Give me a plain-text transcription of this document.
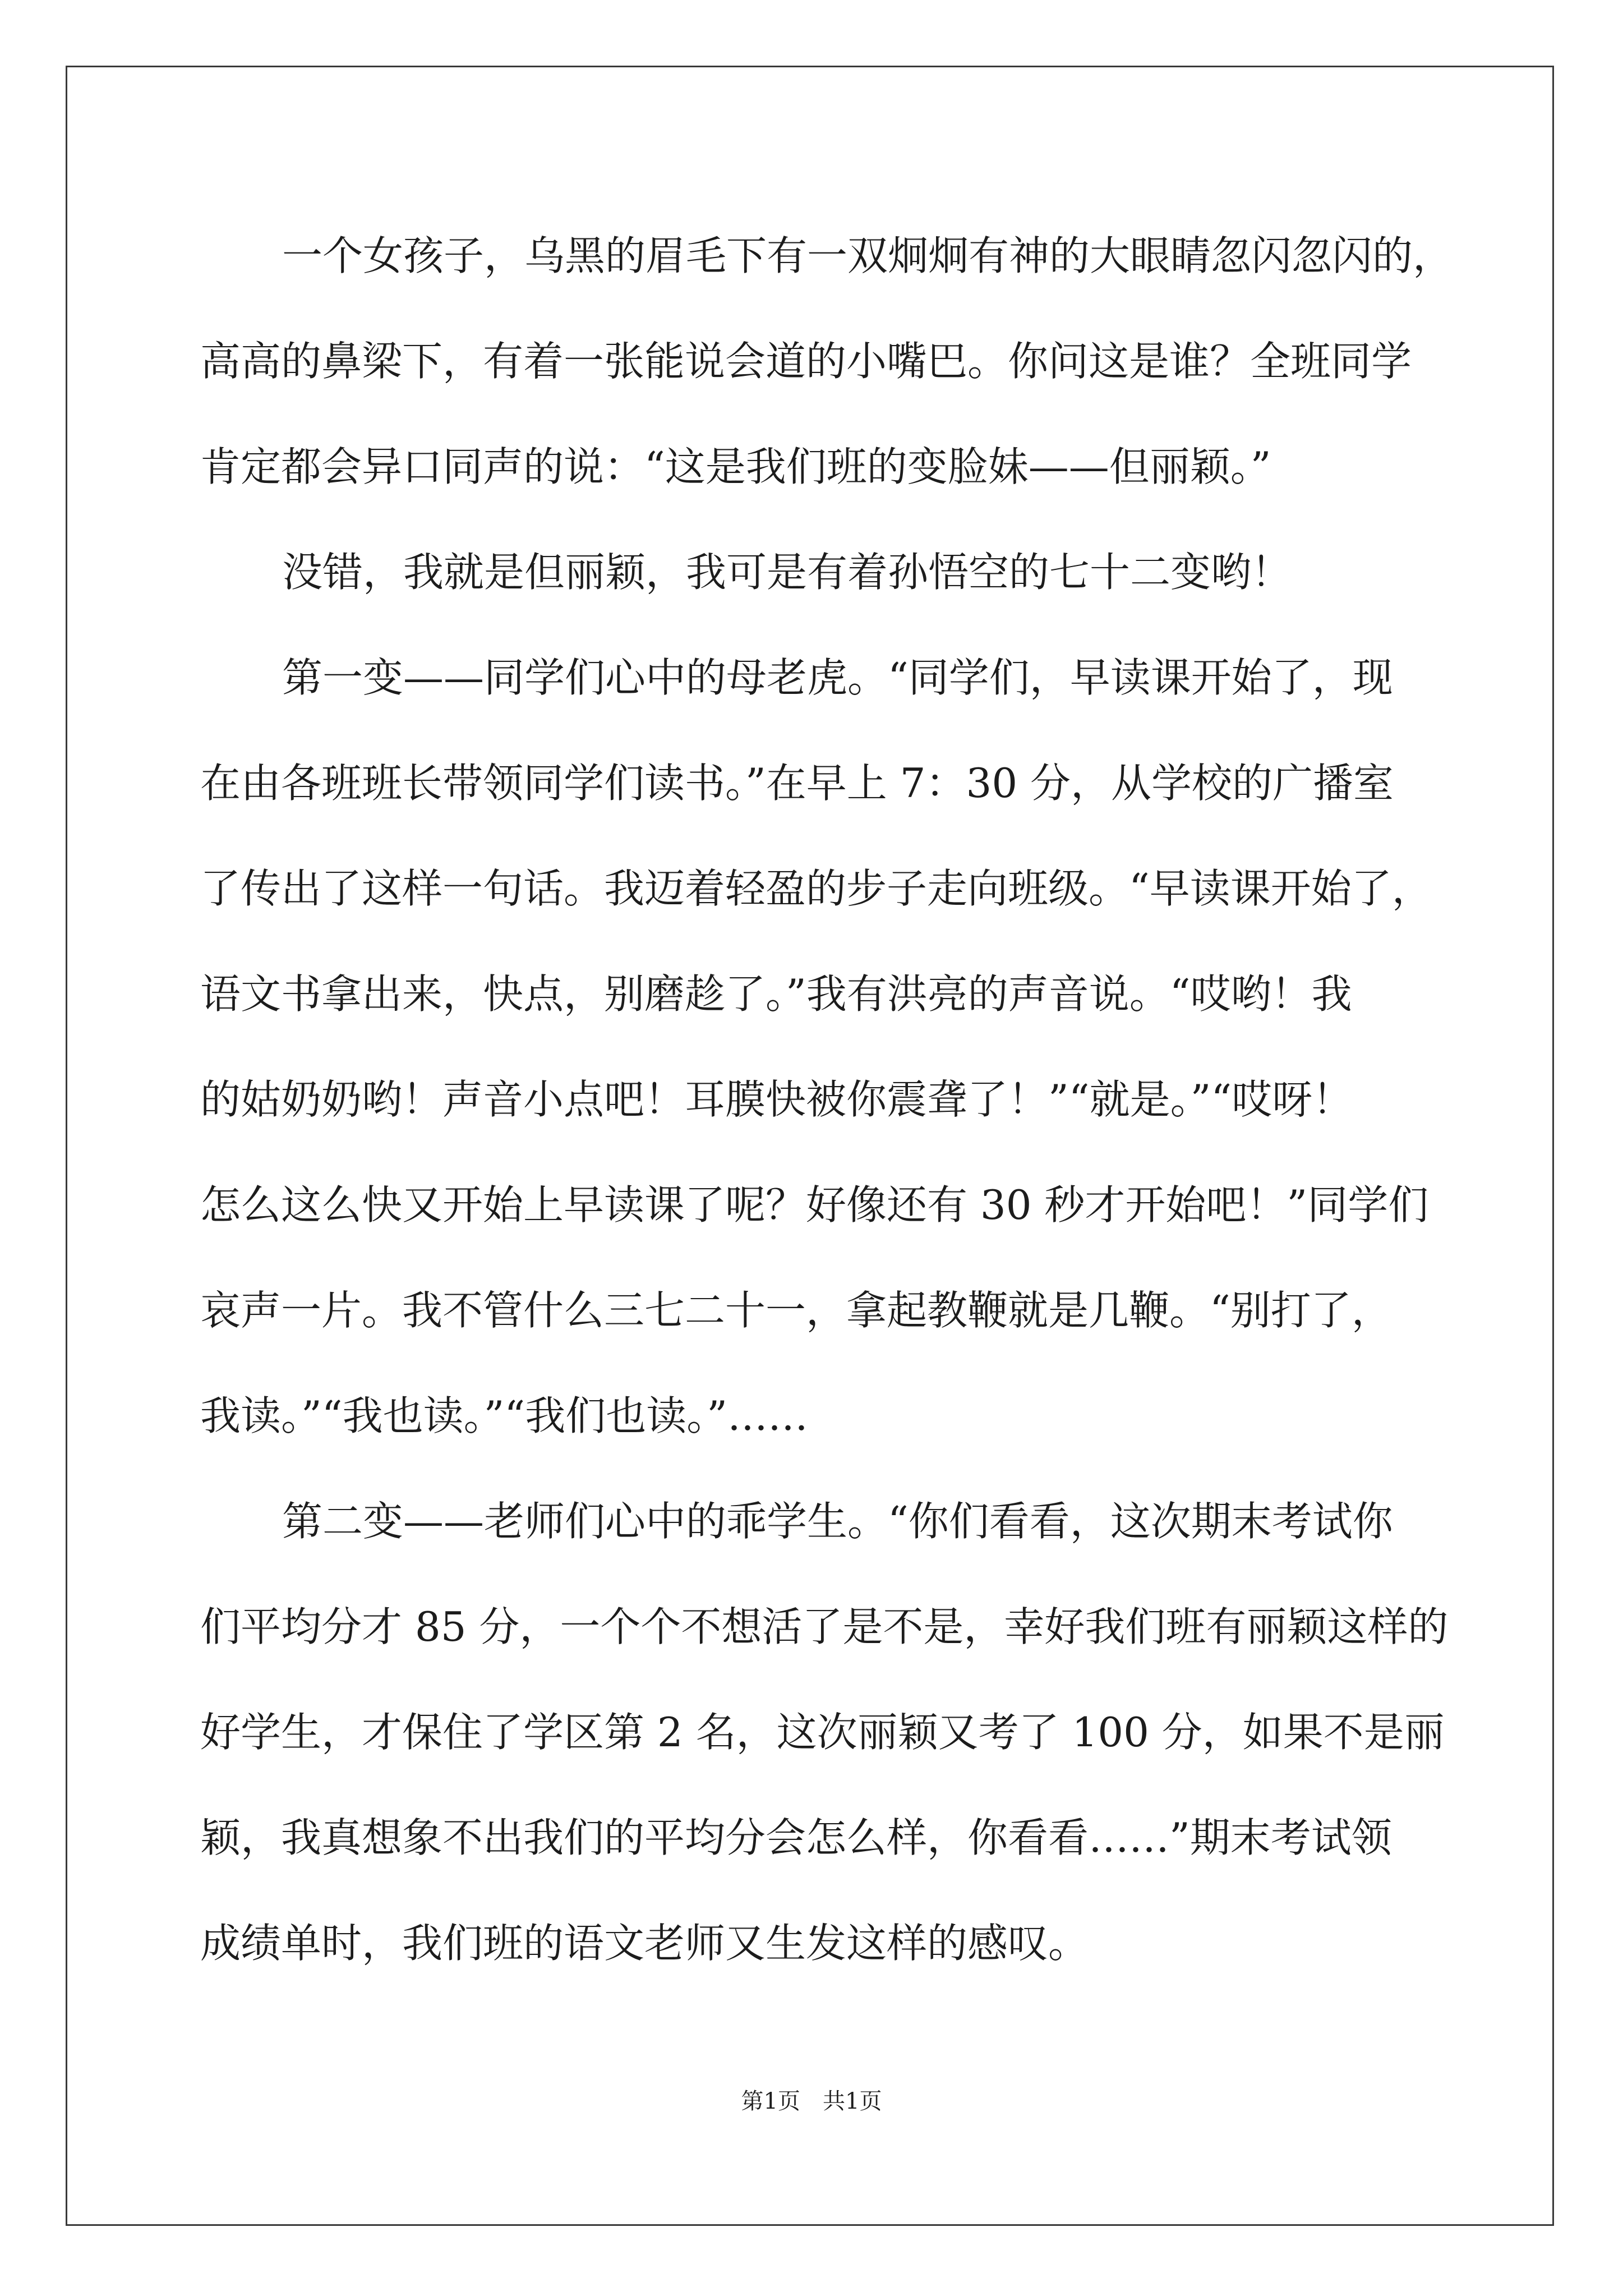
一个女孩子，乌黑的眉毛下有一双炯炯有神的大眼睛忽闪忽闪的，
高高的鼻梁下，有着一张能说会道的小嘴巴。你问这是谁？全班同学
肯定都会异口同声的说：“这是我们班的变脸妹——但丽颖。”
没错，我就是但丽颖，我可是有着孙悟空的七十二变哟！
第一变——同学们心中的母老虎。“同学们，早读课开始了，现
在由各班班长带领同学们读书。”在早上 7：30 分，从学校的广播室
了传出了这样一句话。我迈着轻盈的步子走向班级。“早读课开始了，
语文书拿出来，快点，别磨趁了。”我有洪亮的声音说。“哎哟！我
的姑奶奶哟！声音小点吧！耳膜快被你震聋了！”“就是。”“哎呀！
怎么这么快又开始上早读课了呢？好像还有 30 秒才开始吧！”同学们
哀声一片。我不管什么三七二十一，拿起教鞭就是几鞭。“别打了，
我读。”“我也读。”“我们也读。”……
第二变——老师们心中的乖学生。“你们看看，这次期末考试你
们平均分才 85 分，一个个不想活了是不是，幸好我们班有丽颖这样的
好学生，才保住了学区第 2 名，这次丽颖又考了 100 分，如果不是丽
颖，我真想象不出我们的平均分会怎么样，你看看……”期末考试领
成绩单时，我们班的语文老师又生发这样的感叹。
第1页　共1页
